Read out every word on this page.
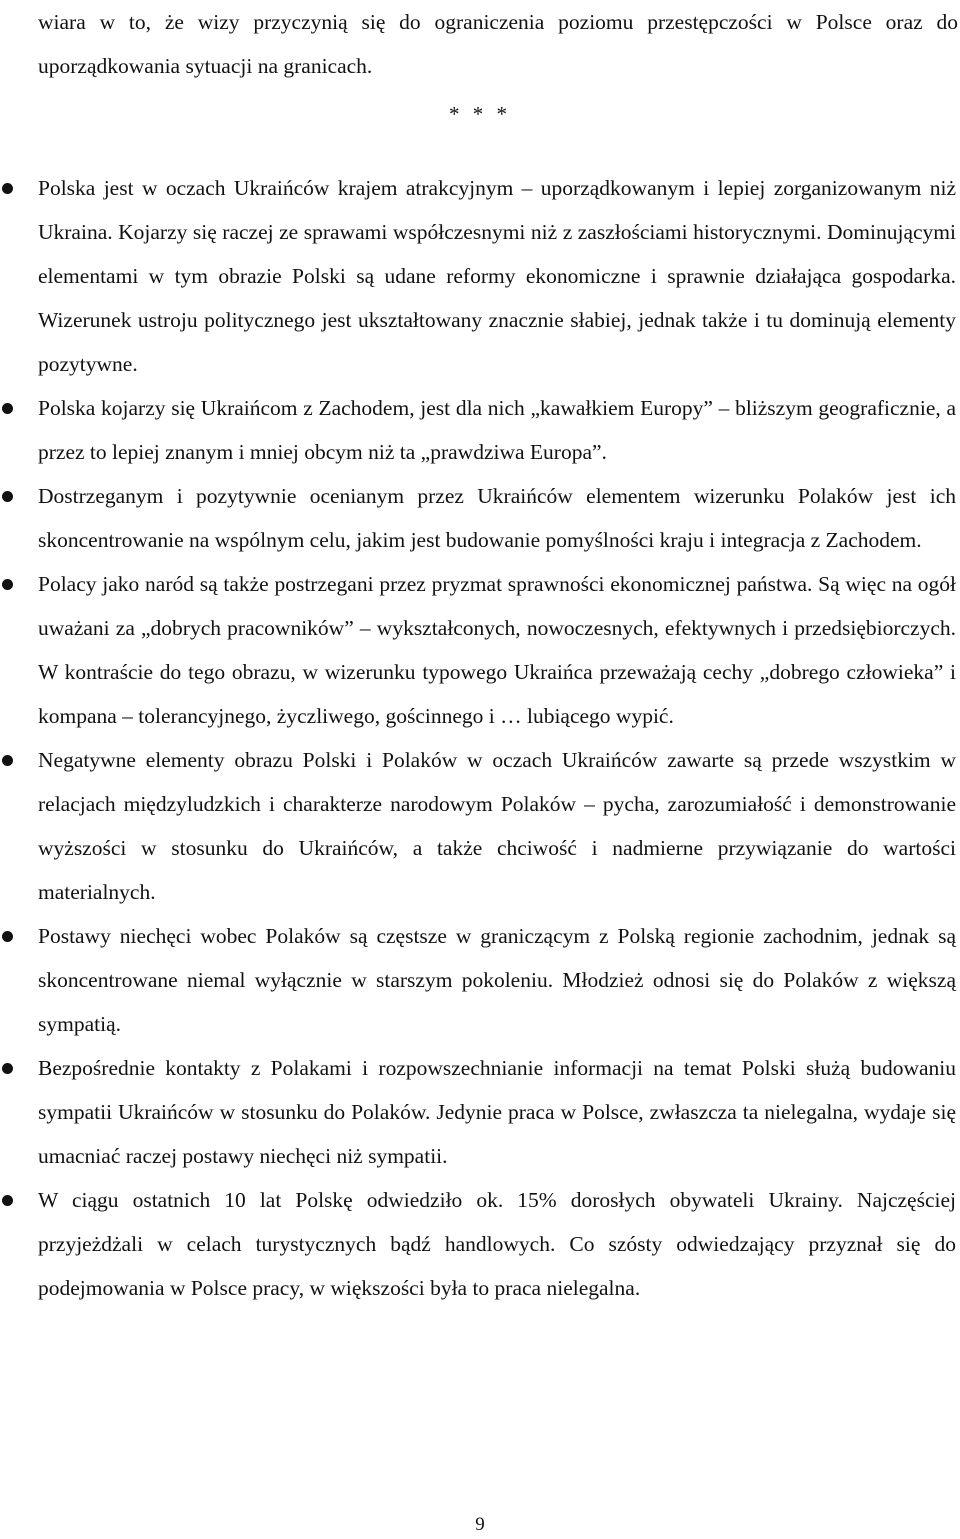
wiara w to, że wizy przyczynią się do ograniczenia poziomu przestępczości w Polsce oraz do uporządkowania sytuacji na granicach.

* * *

Polska jest w oczach Ukraińców krajem atrakcyjnym – uporządkowanym i lepiej zorganizowanym niż Ukraina. Kojarzy się raczej ze sprawami współczesnymi niż z zaszłościami historycznymi. Dominującymi elementami w tym obrazie Polski są udane reformy ekonomiczne i sprawnie działająca gospodarka. Wizerunek ustroju politycznego jest ukształtowany znacznie słabiej, jednak także i tu dominują elementy pozytywne.
Polska kojarzy się Ukraińcom z Zachodem, jest dla nich „kawałkiem Europy” – bliższym geograficznie, a przez to lepiej znanym i mniej obcym niż ta „prawdziwa Europa”.
Dostrzeganym i pozytywnie ocenianym przez Ukraińców elementem wizerunku Polaków jest ich skoncentrowanie na wspólnym celu, jakim jest budowanie pomyślności kraju i integracja z Zachodem.
Polacy jako naród są także postrzegani przez pryzmat sprawności ekonomicznej państwa. Są więc na ogół uważani za „dobrych pracowników” – wykształconych, nowoczesnych, efektywnych i przedsiębiorczych. W kontraście do tego obrazu, w wizerunku typowego Ukraińca przeważają cechy „dobrego człowieka” i kompana – tolerancyjnego, życzliwego, gościnnego i … lubiącego wypić.
Negatywne elementy obrazu Polski i Polaków w oczach Ukraińców zawarte są przede wszystkim w relacjach międzyludzkich i charakterze narodowym Polaków – pycha, zarozumiałość i demonstrowanie wyższości w stosunku do Ukraińców, a także chciwość i nadmierne przywiązanie do wartości materialnych.
Postawy niechęci wobec Polaków są częstsze w graniczącym z Polską regionie zachodnim, jednak są skoncentrowane niemal wyłącznie w starszym pokoleniu. Młodzież odnosi się do Polaków z większą sympatią.
Bezpośrednie kontakty z Polakami i rozpowszechnianie informacji na temat Polski służą budowaniu sympatii Ukraińców w stosunku do Polaków. Jedynie praca w Polsce, zwłaszcza ta nielegalna, wydaje się umacniać raczej postawy niechęci niż sympatii.
W ciągu ostatnich 10 lat Polskę odwiedziło ok. 15% dorosłych obywateli Ukrainy. Najczęściej przyjeżdżali w celach turystycznych bądź handlowych. Co szósty odwiedzający przyznał się do podejmowania w Polsce pracy, w większości była to praca nielegalna.

9
